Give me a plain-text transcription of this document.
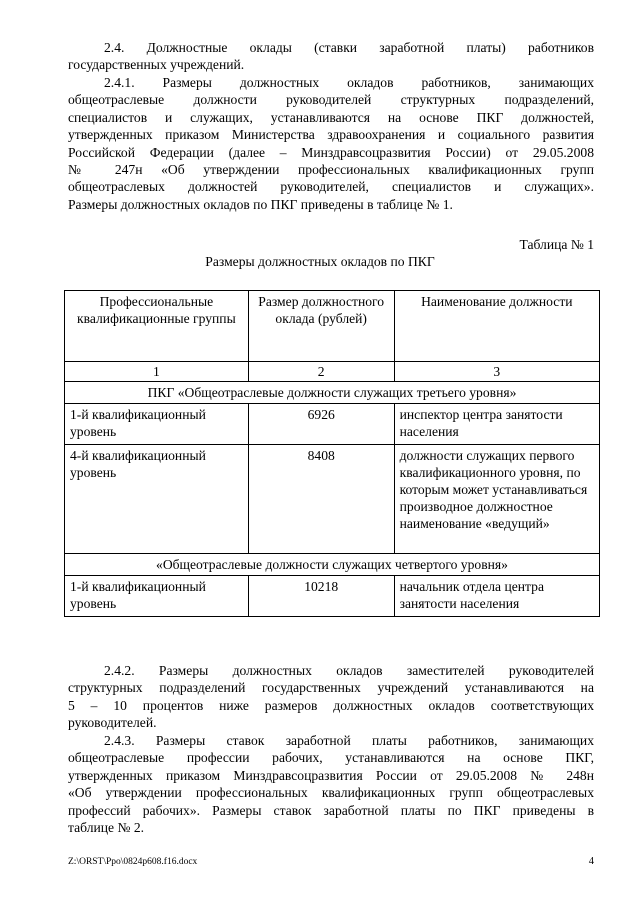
2.4. Должностные оклады (ставки заработной платы) работников
государственных учреждений.
2.4.1. Размеры должностных окладов работников, занимающих
общеотраслевые должности руководителей структурных подразделений,
специалистов и служащих, устанавливаются на основе ПКГ должностей,
утвержденных приказом Министерства здравоохранения и социального развития
Российской Федерации (далее – Минздравсоцразвития России) от 29.05.2008
№ 247н «Об утверждении профессиональных квалификационных групп
общеотраслевых должностей руководителей, специалистов и служащих».
Размеры должностных окладов по ПКГ приведены в таблице № 1.
Таблица № 1
Размеры должностных окладов по ПКГ
Профессиональные квалификационные группы	Размер должностного оклада (рублей)	Наименование должности
1	2	3
ПКГ «Общеотраслевые должности служащих третьего уровня»		
1-й квалификационный уровень	6926	инспектор центра занятости населения
4-й квалификационный уровень	8408	должности служащих первого квалификационного уровня, по которым может устанавливаться производное должностное наименование «ведущий»
«Общеотраслевые должности служащих четвертого уровня»		
1-й квалификационный уровень	10218	начальник отдела центра занятости населения
2.4.2. Размеры должностных окладов заместителей руководителей
структурных подразделений государственных учреждений устанавливаются на
5 – 10 процентов ниже размеров должностных окладов соответствующих
руководителей.
2.4.3. Размеры ставок заработной платы работников, занимающих
общеотраслевые профессии рабочих, устанавливаются на основе ПКГ,
утвержденных приказом Минздравсоцразвития России от 29.05.2008 № 248н
«Об утверждении профессиональных квалификационных групп общеотраслевых
профессий рабочих». Размеры ставок заработной платы по ПКГ приведены в
таблице № 2.
Z:\ORST\Ppo\0824p608.f16.docx	4
